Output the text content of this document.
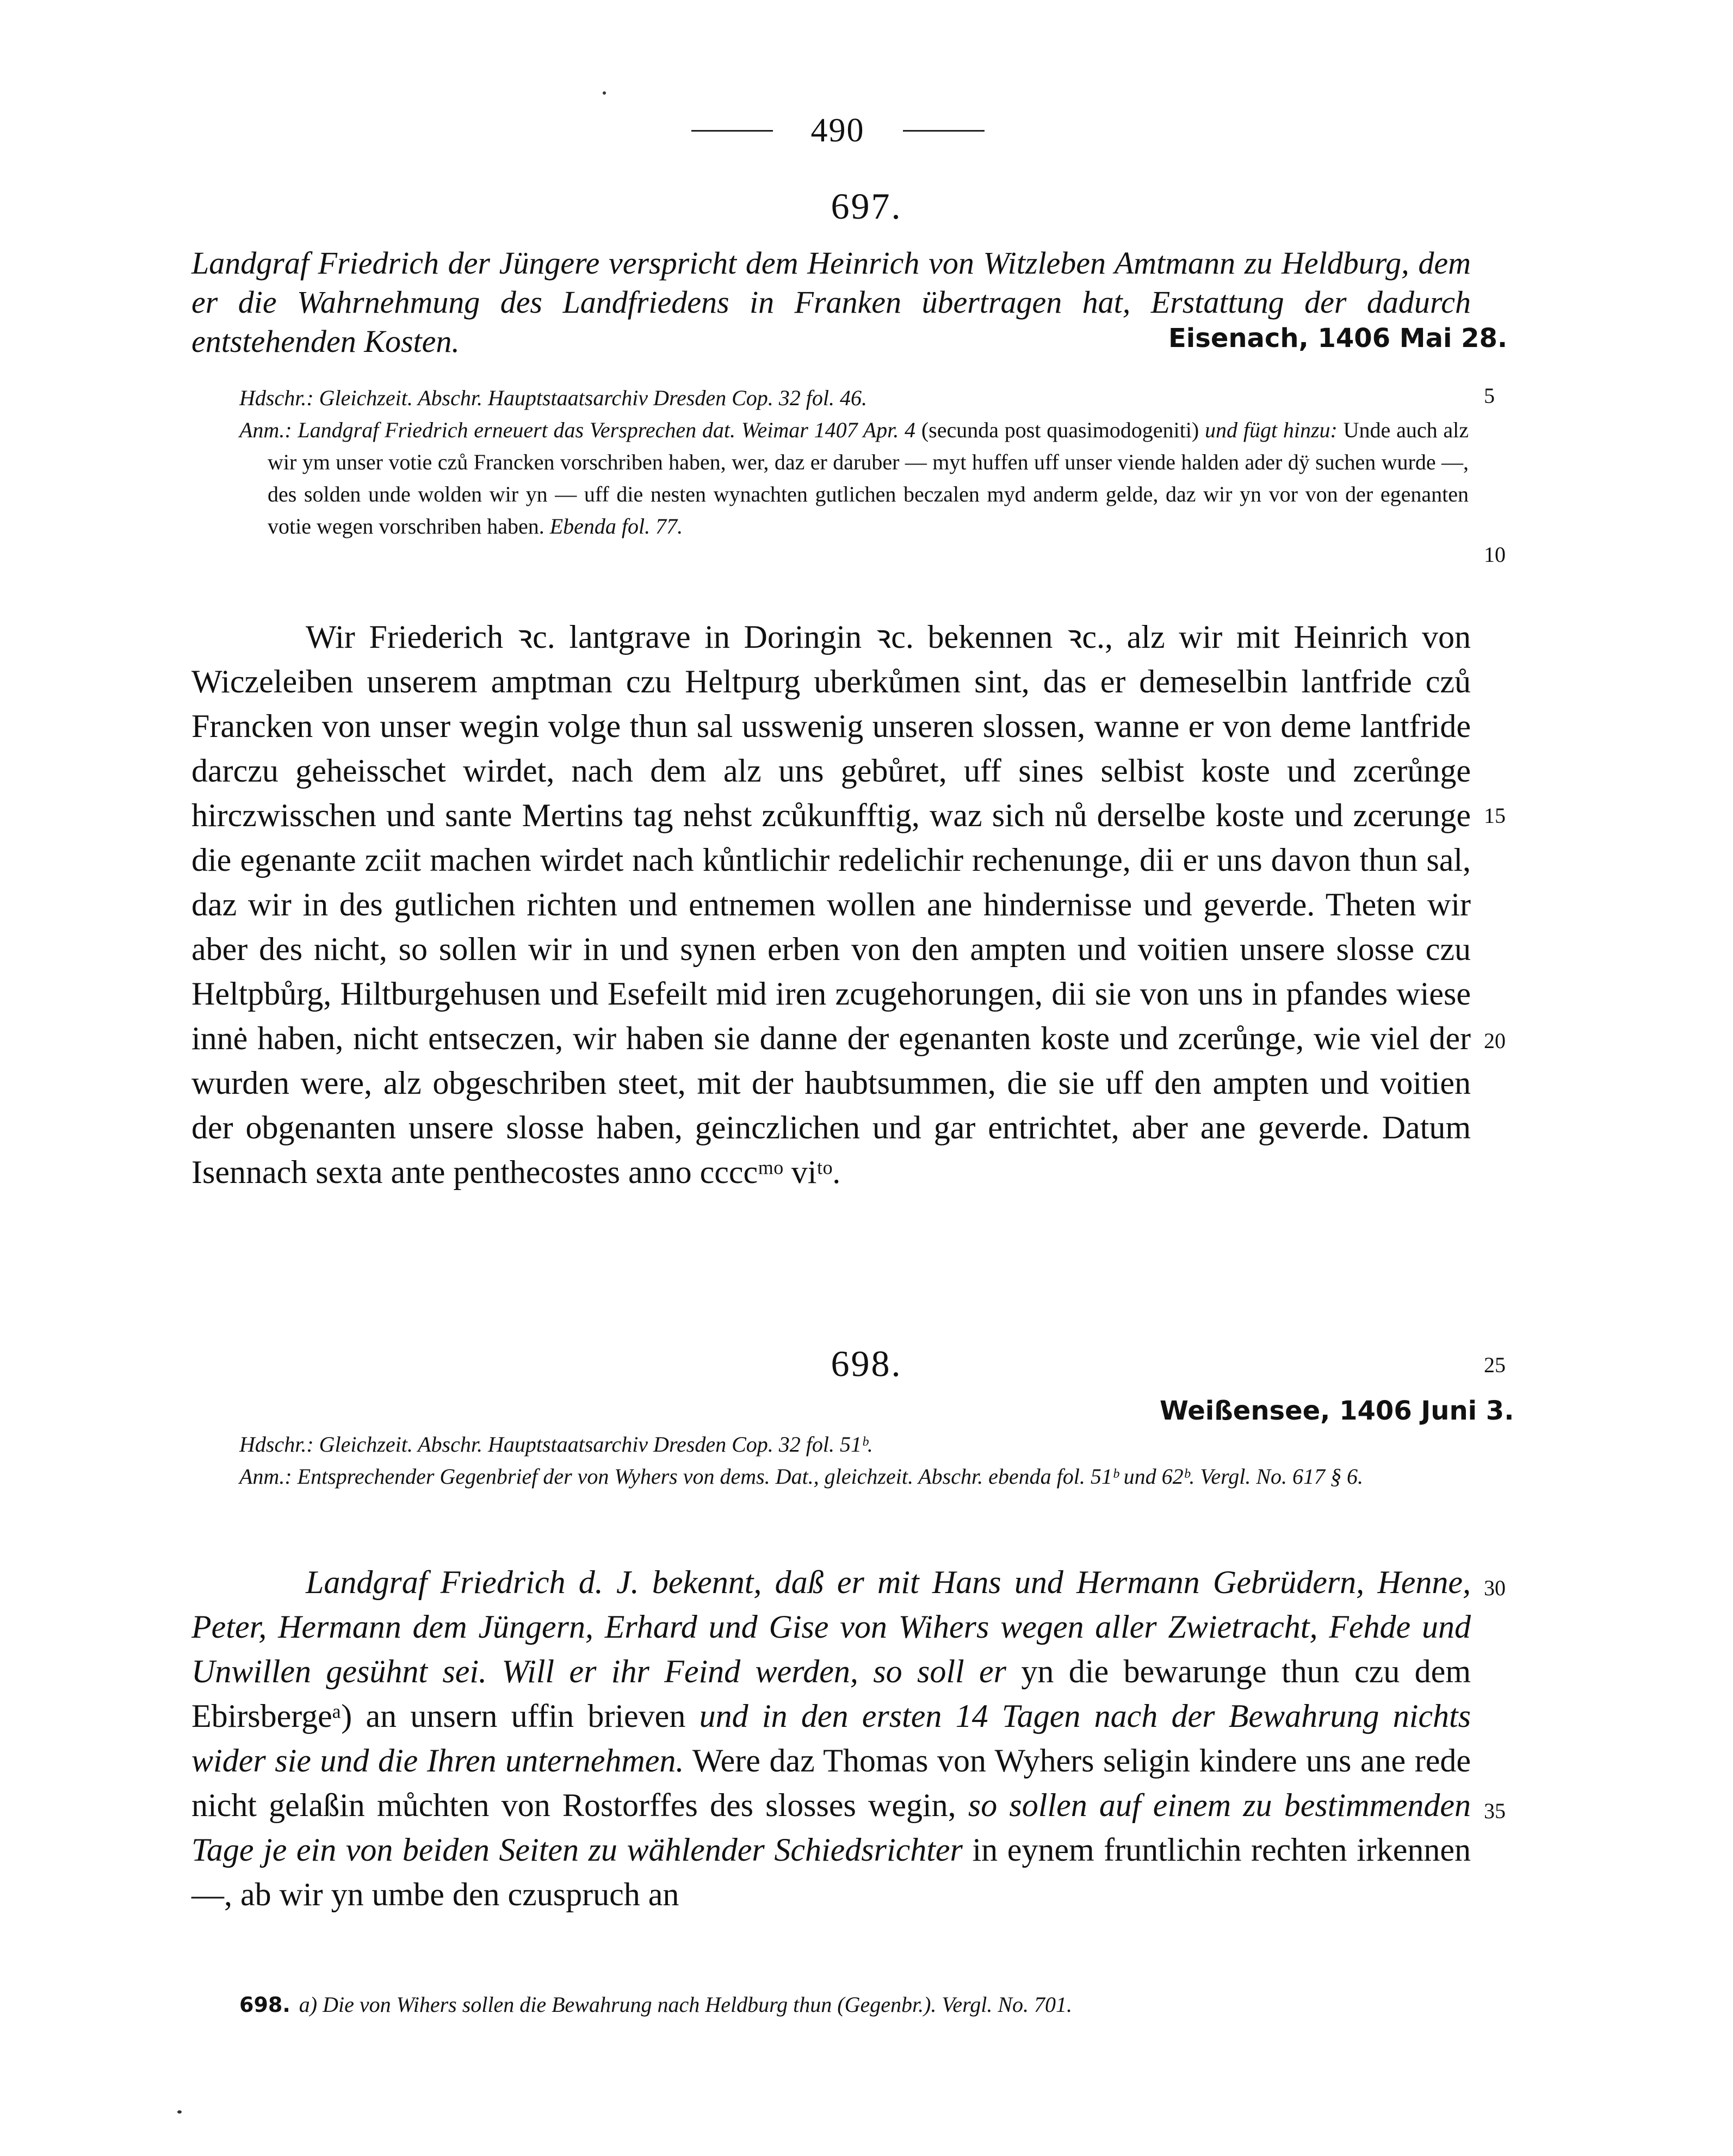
490
697.
Landgraf Friedrich der Jüngere verspricht dem Heinrich von Witzleben Amtmann zu Heldburg, dem er die Wahrnehmung des Landfriedens in Franken übertragen hat, Erstattung der dadurch entstehenden Kosten.	Eisenach, 1406 Mai 28.

Hdschr.: Gleichzeit. Abschr. Hauptstaatsarchiv Dresden Cop. 32 fol. 46.

Anm.: Landgraf Friedrich erneuert das Versprechen dat. Weimar 1407 Apr. 4 (secunda post quasimodogeniti) und fügt hinzu: Unde auch alz wir ym unser votie czů Francken vorschriben haben, wer, daz er daruber — myt huffen uff unser viende halden ader dÿ suchen wurde —, des solden unde wolden wir yn — uff die nesten wynachten gutlichen beczalen myd anderm gelde, daz wir yn vor von der egenanten votie wegen vorschriben haben. Ebenda fol. 77.

Wir Friederich ꝛc. lantgrave in Doringin ꝛc. bekennen ꝛc., alz wir mit Heinrich von Wiczeleiben unserem amptman czu Heltpurg uberkůmen sint, das er demeselbin lantfride czů Francken von unser wegin volge thun sal usswenig unseren slossen, wanne er von deme lantfride darczu geheisschet wirdet, nach dem alz uns gebůret, uff sines selbist koste und zcerůnge hirczwisschen und sante Mertins tag nehst zcůkunfftig, waz sich nů derselbe koste und zcerunge die egenante zciit machen wirdet nach kůntlichir redelichir rechenunge, dii er uns davon thun sal, daz wir in des gutlichen richten und entnemen wollen ane hindernisse und geverde. Theten wir aber des nicht, so sollen wir in und synen erben von den ampten und voitien unsere slosse czu Heltpbůrg, Hiltburgehusen und Esefeilt mid iren zcugehorungen, dii sie von uns in pfandes wiese innė haben, nicht entseczen, wir haben sie danne der egenanten koste und zcerůnge, wie viel der wurden were, alz obgeschriben steet, mit der haubtsummen, die sie uff den ampten und voitien der obgenanten unsere slosse haben, geinczlichen und gar entrichtet, aber ane geverde. Datum Isennach sexta ante penthecostes anno ccccᵐᵒ viᵗᵒ.

698.
Weißensee, 1406 Juni 3.

Hdschr.: Gleichzeit. Abschr. Hauptstaatsarchiv Dresden Cop. 32 fol. 51ᵇ.

Anm.: Entsprechender Gegenbrief der von Wyhers von dems. Dat., gleichzeit. Abschr. ebenda fol. 51ᵇ und 62ᵇ. Vergl. No. 617 § 6.

Landgraf Friedrich d. J. bekennt, daß er mit Hans und Hermann Gebrüdern, Henne, Peter, Hermann dem Jüngern, Erhard und Gise von Wihers wegen aller Zwietracht, Fehde und Unwillen gesühnt sei. Will er ihr Feind werden, so soll er yn die bewarunge thun czu dem Ebirsbergeᵃ) an unsern uffin brieven und in den ersten 14 Tagen nach der Bewahrung nichts wider sie und die Ihren unternehmen. Were daz Thomas von Wyhers seligin kindere uns ane rede nicht gelaßin můchten von Rostorffes des slosses wegin, so sollen auf einem zu bestimmenden Tage je ein von beiden Seiten zu wählender Schiedsrichter in eynem fruntlichin rechten irkennen —, ab wir yn umbe den czuspruch an

5
10
15
20
25
30
35
698. a) Die von Wihers sollen die Bewahrung nach Heldburg thun (Gegenbr.). Vergl. No. 701.
